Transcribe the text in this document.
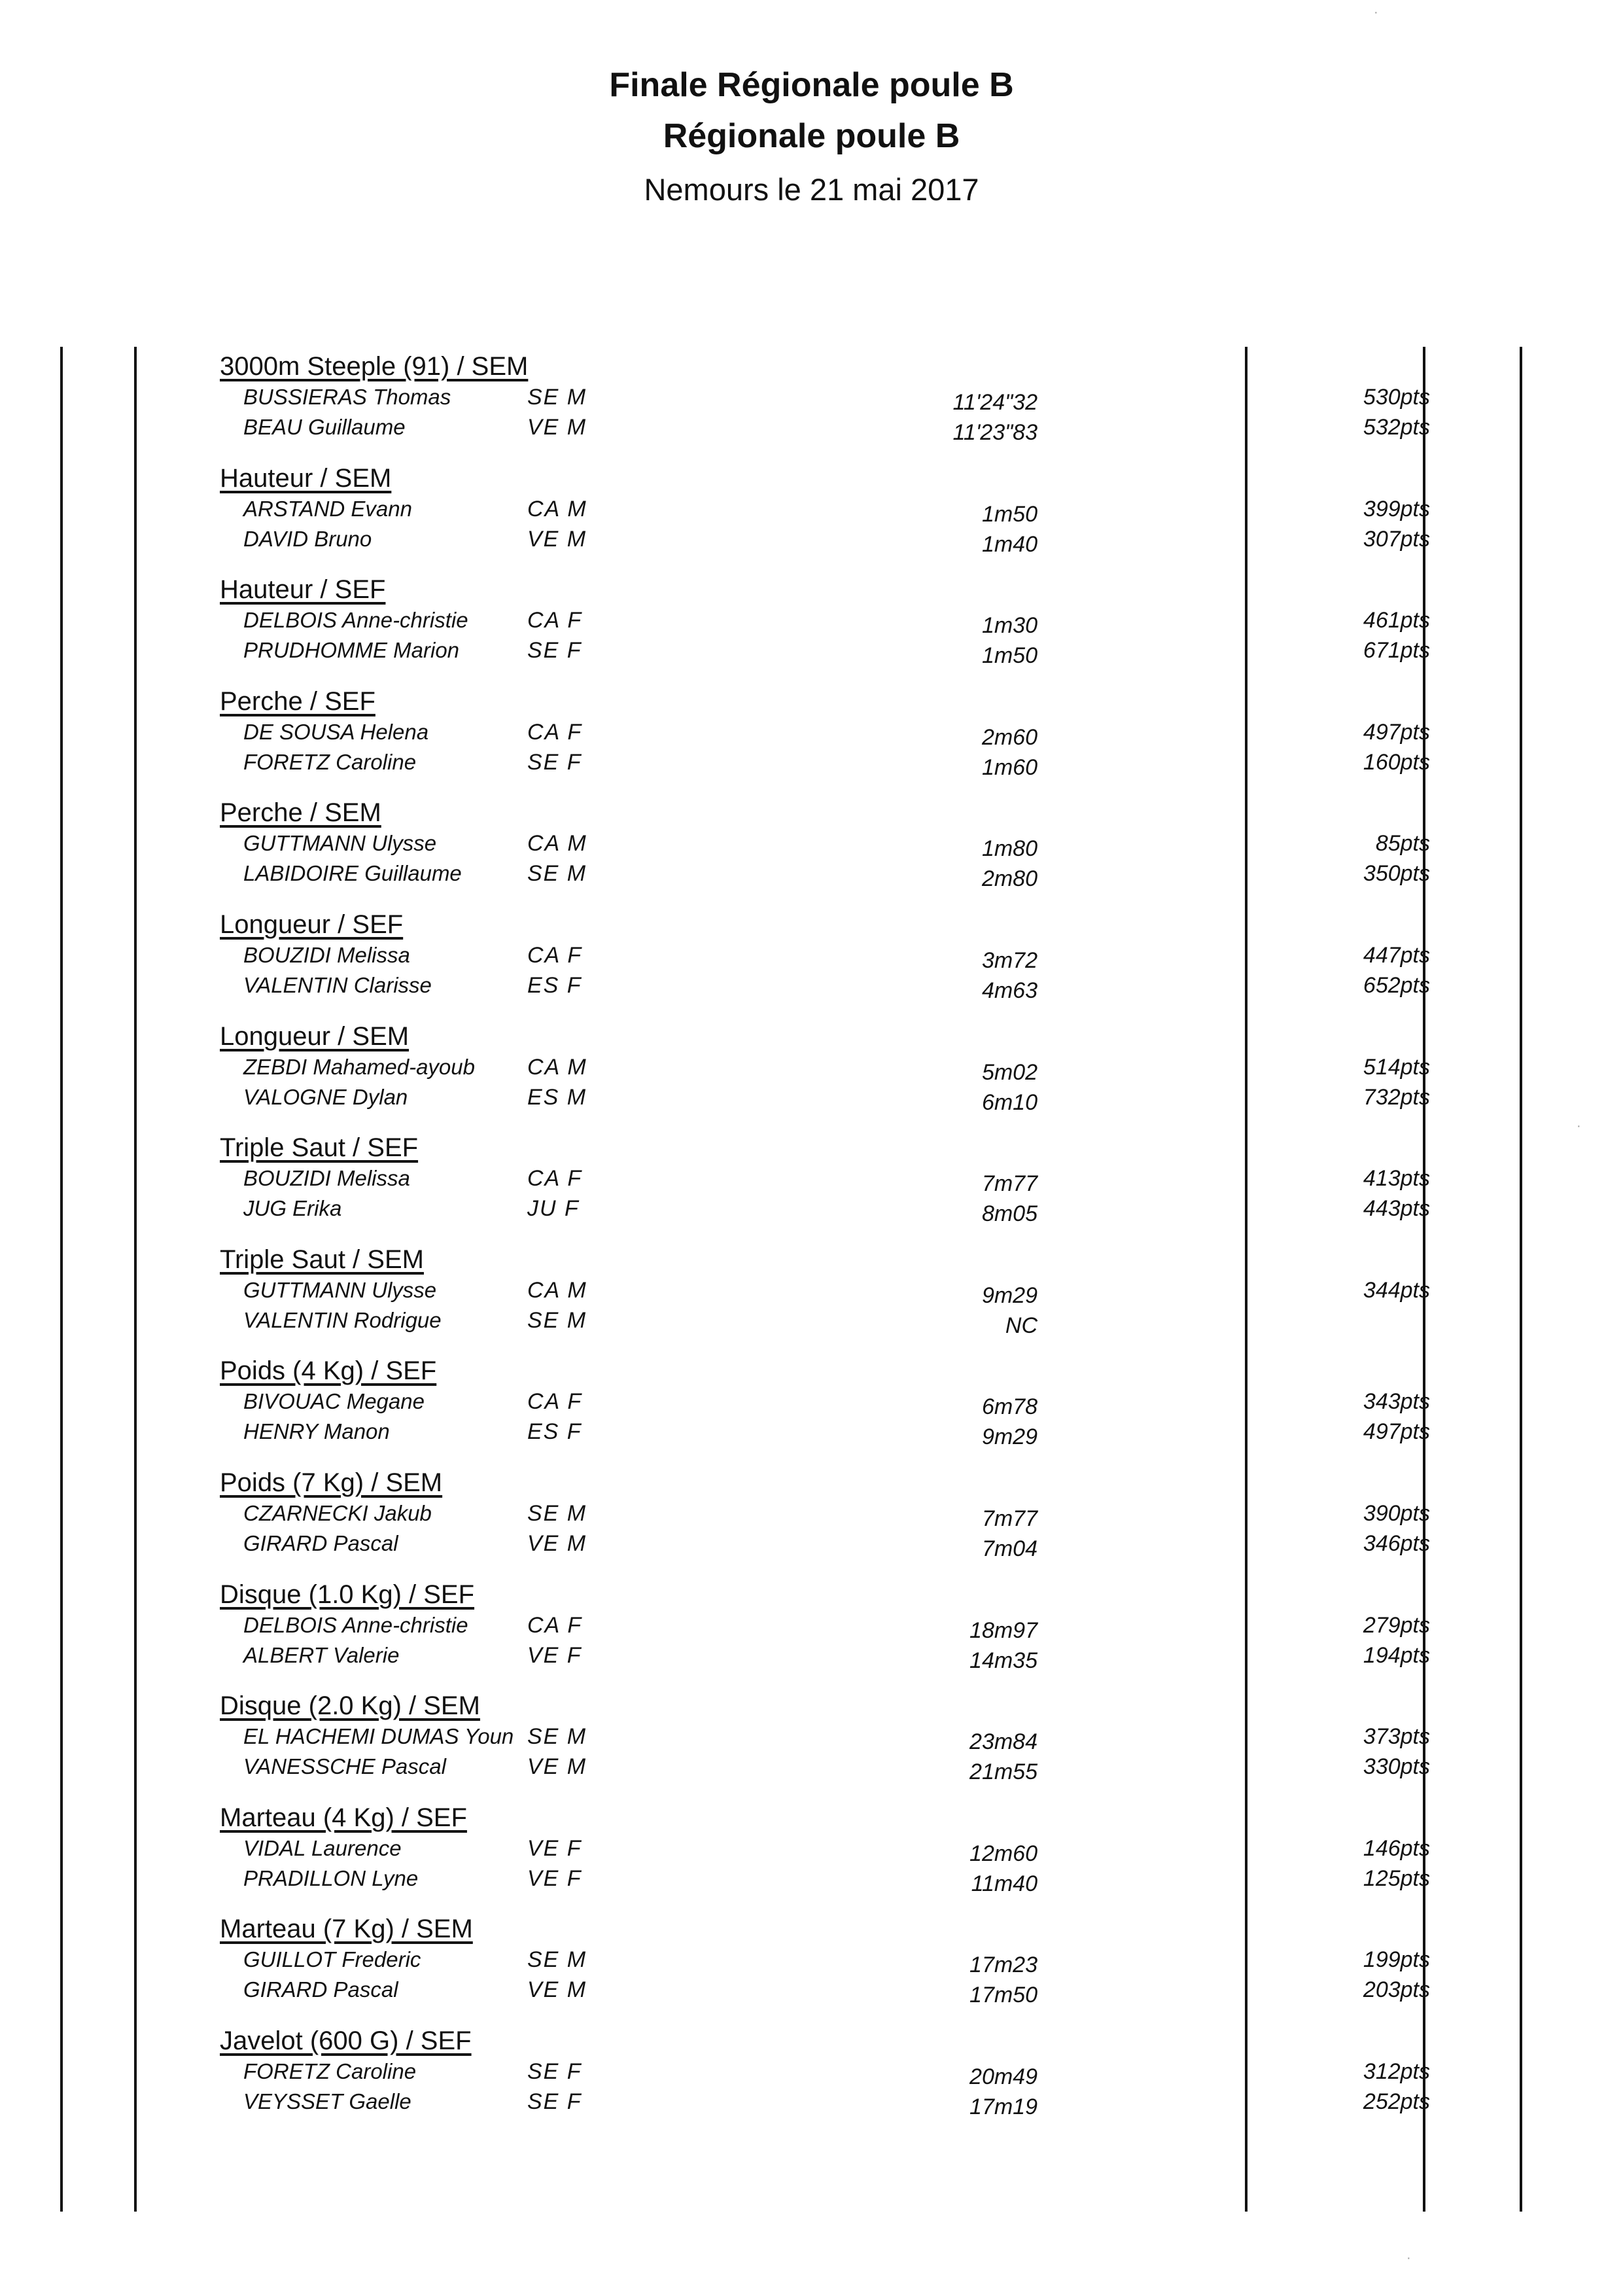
Finale Régionale poule B
Régionale poule B
Nemours le 21 mai 2017
·
·
·
3000m Steeple (91) / SEM
BUSSIERAS Thomas	SE M	11'24"32	530pts
BEAU Guillaume	VE M	11'23"83	532pts
Hauteur / SEM
ARSTAND Evann	CA M	1m50	399pts
DAVID Bruno	VE M	1m40	307pts
Hauteur / SEF
DELBOIS Anne-christie	CA F	1m30	461pts
PRUDHOMME Marion	SE F	1m50	671pts
Perche / SEF
DE SOUSA Helena	CA F	2m60	497pts
FORETZ Caroline	SE F	1m60	160pts
Perche / SEM
GUTTMANN Ulysse	CA M	1m80	85pts
LABIDOIRE Guillaume	SE M	2m80	350pts
Longueur / SEF
BOUZIDI Melissa	CA F	3m72	447pts
VALENTIN Clarisse	ES F	4m63	652pts
Longueur / SEM
ZEBDI Mahamed-ayoub CA M	5m02	514pts
VALOGNE Dylan	ES M	6m10	732pts
Triple Saut / SEF
BOUZIDI Melissa	CA F	7m77	413pts
JUG Erika	JU F	8m05	443pts
Triple Saut / SEM
GUTTMANN Ulysse	CA M	9m29	344pts
VALENTIN Rodrigue	SE M	NC
Poids (4 Kg) / SEF
BIVOUAC Megane	CA F	6m78	343pts
HENRY Manon	ES F	9m29	497pts
Poids (7 Kg) / SEM
CZARNECKI Jakub	SE M	7m77	390pts
GIRARD Pascal	VE M	7m04	346pts
Disque (1.0 Kg) / SEF
DELBOIS Anne-christie	CA F	18m97	279pts
ALBERT Valerie	VE F	14m35	194pts
Disque (2.0 Kg) / SEM
EL HACHEMI DUMAS Youn SE M	23m84	373pts
VANESSCHE Pascal	VE M	21m55	330pts
Marteau (4 Kg) / SEF
VIDAL Laurence	VE F	12m60	146pts
PRADILLON Lyne	VE F	11m40	125pts
Marteau (7 Kg) / SEM
GUILLOT Frederic	SE M	17m23	199pts
GIRARD Pascal	VE M	17m50	203pts
Javelot (600 G) / SEF
FORETZ Caroline	SE F	20m49	312pts
VEYSSET Gaelle	SE F	17m19	252pts
